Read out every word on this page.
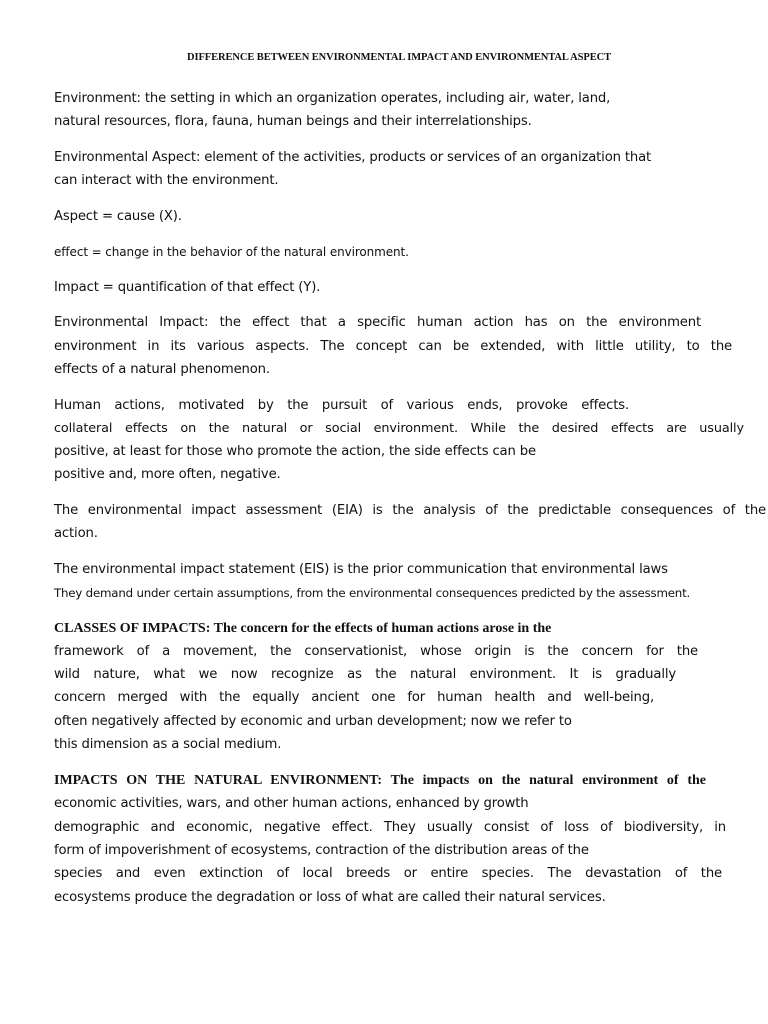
DIFFERENCE BETWEEN ENVIRONMENTAL IMPACT AND ENVIRONMENTAL ASPECT
Environment: the setting in which an organization operates, including air, water, land,
natural resources, flora, fauna, human beings and their interrelationships.
Environmental Aspect: element of the activities, products or services of an organization that
can interact with the environment.
Aspect = cause (X).
effect = change in the behavior of the natural environment.
Impact = quantification of that effect (Y).
Environmental Impact: the effect that a specific human action has on the environment
environment in its various aspects. The concept can be extended, with little utility, to the
effects of a natural phenomenon.
Human actions, motivated by the pursuit of various ends, provoke effects.
collateral effects on the natural or social environment. While the desired effects are usually
positive, at least for those who promote the action, the side effects can be
positive and, more often, negative.
The environmental impact assessment (EIA) is the analysis of the predictable consequences of the
action.
The environmental impact statement (EIS) is the prior communication that environmental laws
They demand under certain assumptions, from the environmental consequences predicted by the assessment.
CLASSES OF IMPACTS: The concern for the effects of human actions arose in the
framework of a movement, the conservationist, whose origin is the concern for the
wild nature, what we now recognize as the natural environment. It is gradually
concern merged with the equally ancient one for human health and well-being,
often negatively affected by economic and urban development; now we refer to
this dimension as a social medium.
IMPACTS ON THE NATURAL ENVIRONMENT: The impacts on the natural environment of the
economic activities, wars, and other human actions, enhanced by growth
demographic and economic, negative effect. They usually consist of loss of biodiversity, in
form of impoverishment of ecosystems, contraction of the distribution areas of the
species and even extinction of local breeds or entire species. The devastation of the
ecosystems produce the degradation or loss of what are called their natural services.
